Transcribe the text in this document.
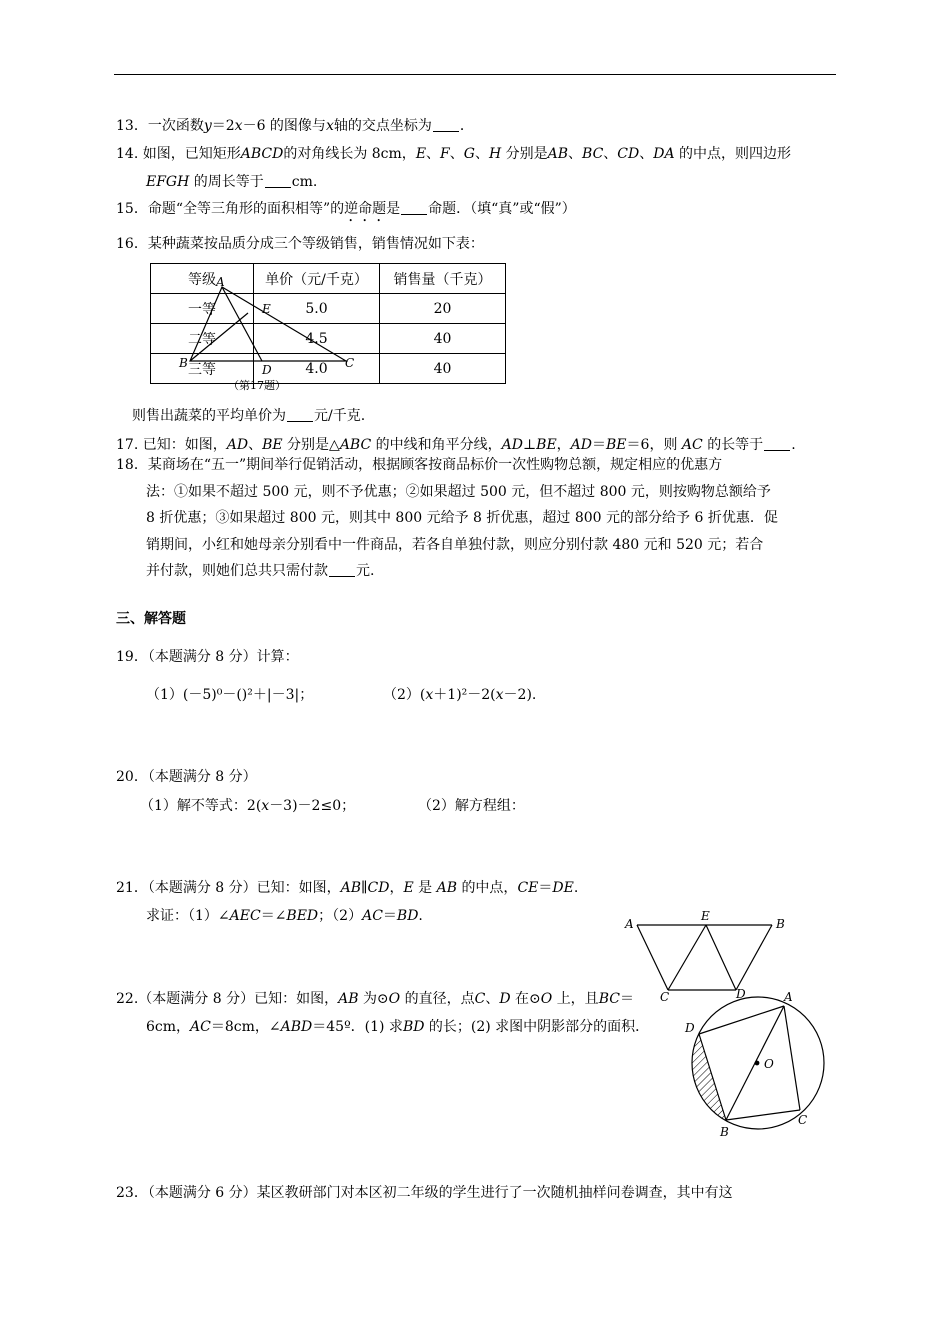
13．一次函数y＝2x－6 的图像与x轴的交点坐标为 ．
14. 如图，已知矩形ABCD的对角线长为 8cm，E、F、G、H 分别是AB、BC、CD、DA 的中点，则四边形
EFGH 的周长等于 cm.
15．命题“全等三角形的面积相等”的逆命题是 命题．（填“真”或“假”）
16．某种蔬菜按品质分成三个等级销售，销售情况如下表：
等级	单价（元/千克）	销售量（千克）
一等	5.0	20
二等	4.5	40
三等	4.0	40
A
E
B	D	C
（第17题）
则售出蔬菜的平均单价为 元/千克.
17. 已知：如图，AD、BE 分别是△ABC 的中线和角平分线，AD⊥BE，AD＝BE＝6，则 AC 的长等于 .
18．某商场在“五一”期间举行促销活动，根据顾客按商品标价一次性购物总额，规定相应的优惠方
法：①如果不超过 500 元，则不予优惠；②如果超过 500 元，但不超过 800 元，则按购物总额给予
8 折优惠；③如果超过 800 元，则其中 800 元给予 8 折优惠，超过 800 元的部分给予 6 折优惠．促
销期间，小红和她母亲分别看中一件商品，若各自单独付款，则应分别付款 480 元和 520 元；若合
并付款，则她们总共只需付款 元.
三、解答题
19．（本题满分 8 分）计算：
（1）(－5)⁰－()²＋|－3|；	（2）(x＋1)²－2(x－2).
20．（本题满分 8 分）
（1）解不等式：2(x－3)－2≤0；	（2）解方程组：
21．（本题满分 8 分）已知：如图，AB∥CD，E 是 AB 的中点，CE＝DE.
求证：（1）∠AEC＝∠BED；（2）AC＝BD.	A
E
B
C	D
22.（本题满分 8 分）已知：如图，AB 为⊙O 的直径，点C、D 在⊙O 上，且BC＝
6cm，AC＝8cm，∠ABD＝45º．(1) 求BD 的长；(2) 求图中阴影部分的面积．
A
D
O
B
C
23．（本题满分 6 分）某区教研部门对本区初二年级的学生进行了一次随机抽样问卷调查，其中有这
